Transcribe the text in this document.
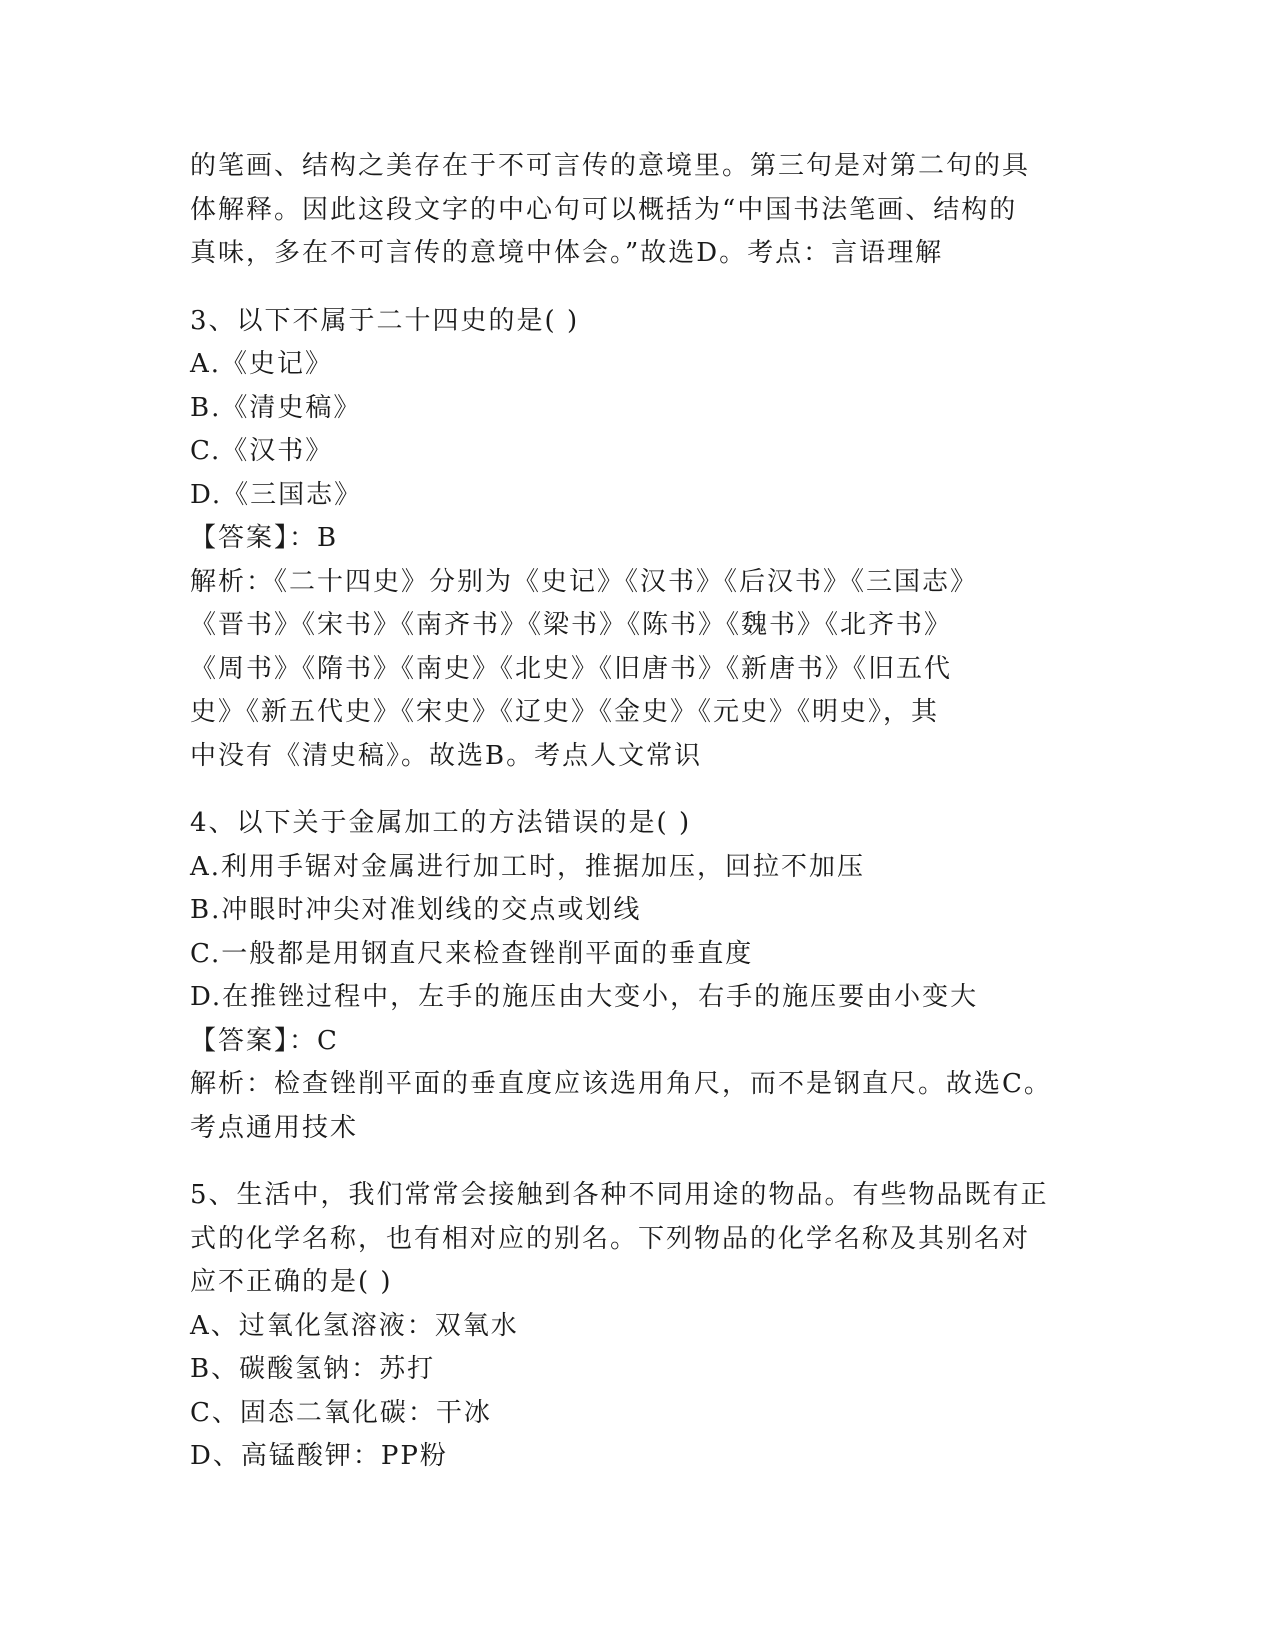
的笔画、结构之美存在于不可言传的意境里。第三句是对第二句的具
体解释。因此这段文字的中心句可以概括为“中国书法笔画、结构的
真味，多在不可言传的意境中体会。”故选D。考点：言语理解
3、以下不属于二十四史的是( )
A.《史记》
B.《清史稿》
C.《汉书》
D.《三国志》
【答案】：B
解析：《二十四史》分别为《史记》《汉书》《后汉书》《三国志》
《晋书》《宋书》《南齐书》《梁书》《陈书》《魏书》《北齐书》
《周书》《隋书》《南史》《北史》《旧唐书》《新唐书》《旧五代
史》《新五代史》《宋史》《辽史》《金史》《元史》《明史》，其
中没有《清史稿》。故选B。考点人文常识
4、以下关于金属加工的方法错误的是( )
A.利用手锯对金属进行加工时，推据加压，回拉不加压
B.冲眼时冲尖对准划线的交点或划线
C.一般都是用钢直尺来检查锉削平面的垂直度
D.在推锉过程中，左手的施压由大变小，右手的施压要由小变大
【答案】：C
解析：检查锉削平面的垂直度应该选用角尺，而不是钢直尺。故选C。
考点通用技术
5、生活中，我们常常会接触到各种不同用途的物品。有些物品既有正
式的化学名称，也有相对应的别名。下列物品的化学名称及其别名对
应不正确的是( )
A、过氧化氢溶液：双氧水
B、碳酸氢钠：苏打
C、固态二氧化碳：干冰
D、高锰酸钾：PP粉
